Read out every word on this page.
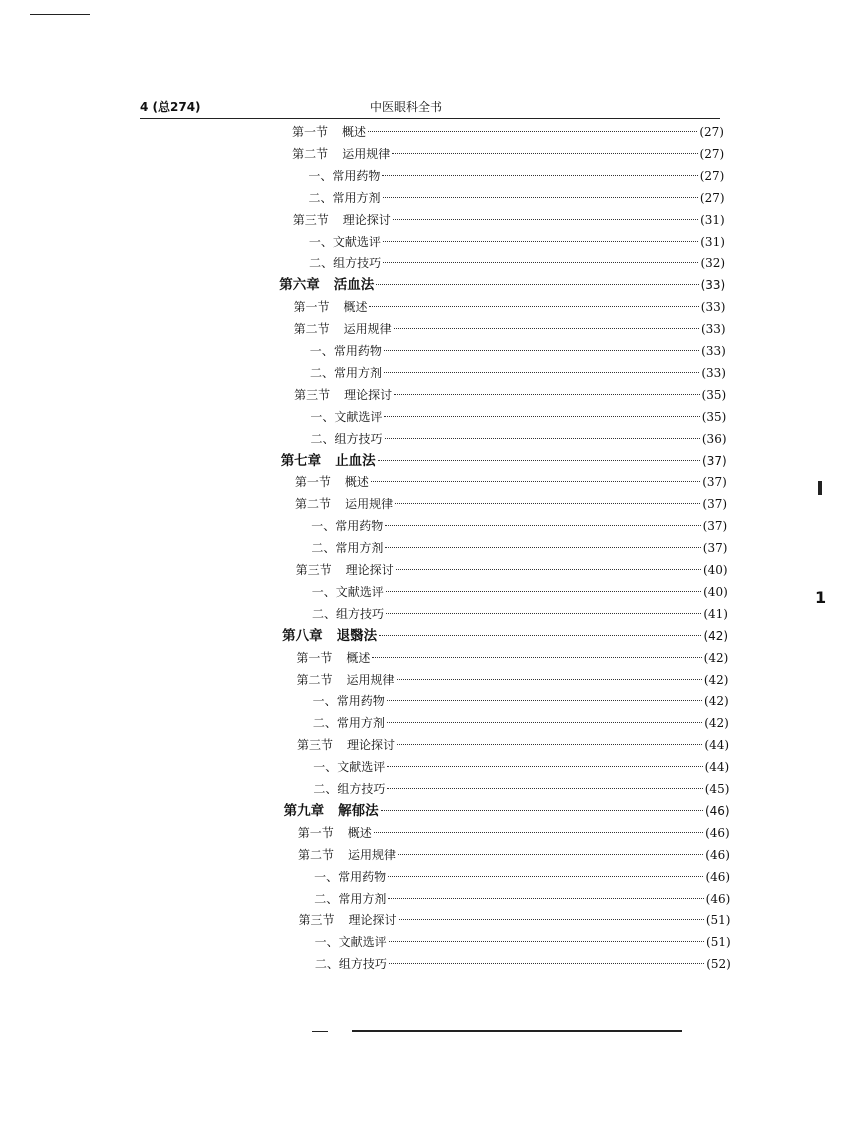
4 (总274)	中医眼科全书
第一节 概述	(27)
第二节 运用规律	(27)
一、常用药物	(27)
二、常用方剂	(27)
第三节 理论探讨	(31)
一、文献选评	(31)
二、组方技巧	(32)
第六章 活血法	(33)
第一节 概述	(33)
第二节 运用规律	(33)
一、常用药物	(33)
二、常用方剂	(33)
第三节 理论探讨	(35)
一、文献选评	(35)
二、组方技巧	(36)
第七章 止血法	(37)
第一节 概述	(37)
第二节 运用规律	(37)
一、常用药物	(37)
二、常用方剂	(37)
第三节 理论探讨	(40)
一、文献选评	(40)
二、组方技巧	(41)
第八章 退翳法	(42)
第一节 概述	(42)
第二节 运用规律	(42)
一、常用药物	(42)
二、常用方剂	(42)
第三节 理论探讨	(44)
一、文献选评	(44)
二、组方技巧	(45)
第九章 解郁法	(46)
第一节 概述	(46)
第二节 运用规律	(46)
一、常用药物	(46)
二、常用方剂	(46)
第三节 理论探讨	(51)
一、文献选评	(51)
二、组方技巧	(52)
1
